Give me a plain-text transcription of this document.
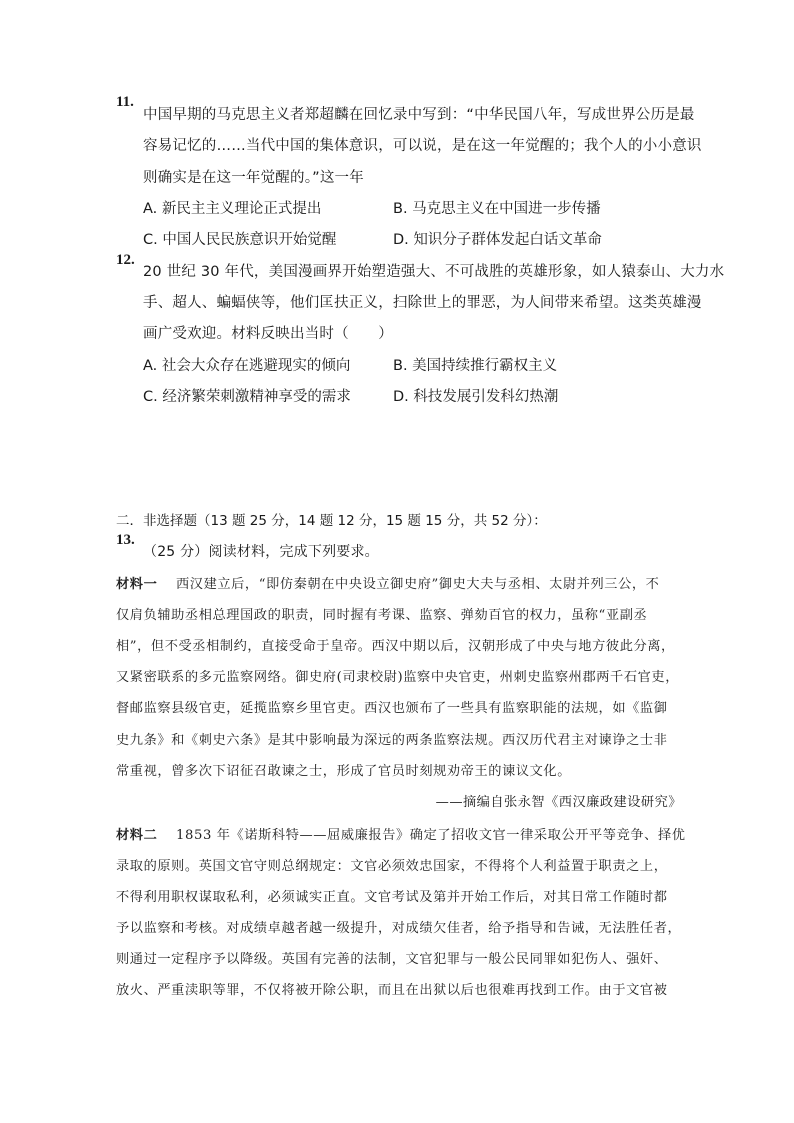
11.
中国早期的马克思主义者郑超麟在回忆录中写到：“中华民国八年，写成世界公历是最
容易记忆的……当代中国的集体意识，可以说，是在这一年觉醒的；我个人的小小意识
则确实是在这一年觉醒的。”这一年
A. 新民主主义理论正式提出	B. 马克思主义在中国进一步传播
C. 中国人民民族意识开始觉醒	D. 知识分子群体发起白话文革命
12.
20 世纪 30 年代，美国漫画界开始塑造强大、不可战胜的英雄形象，如人猿泰山、大力水
手、超人、蝙蝠侠等，他们匡扶正义，扫除世上的罪恶，为人间带来希望。这类英雄漫
画广受欢迎。材料反映出当时（　　）
A. 社会大众存在逃避现实的倾向	B. 美国持续推行霸权主义
C. 经济繁荣刺激精神享受的需求	D. 科技发展引发科幻热潮
二．非选择题（13 题 25 分，14 题 12 分，15 题 15 分，共 52 分）：
13.
（25 分）阅读材料，完成下列要求。
材料一 西汉建立后，“即仿秦朝在中央设立御史府”御史大夫与丞相、太尉并列三公，不
仅肩负辅助丞相总理国政的职责，同时握有考课、监察、弹劾百官的权力，虽称“亚副丞
相”，但不受丞相制约，直接受命于皇帝。西汉中期以后，汉朝形成了中央与地方彼此分离，
又紧密联系的多元监察网络。御史府(司隶校尉)监察中央官吏，州刺史监察州郡两千石官吏，
督邮监察县级官吏，延揽监察乡里官吏。西汉也颁布了一些具有监察职能的法规，如《监御
史九条》和《刺史六条》是其中影响最为深远的两条监察法规。西汉历代君主对谏诤之士非
常重视，曾多次下诏征召敢谏之士，形成了官员时刻规劝帝王的谏议文化。
——摘编自张永智《西汉廉政建设研究》
材料二 1853 年《诺斯科特——屈威廉报告》确定了招收文官一律采取公开平等竞争、择优
录取的原则。英国文官守则总纲规定：文官必须效忠国家，不得将个人利益置于职责之上，
不得利用职权谋取私利，必须诚实正直。文官考试及第并开始工作后，对其日常工作随时都
予以监察和考核。对成绩卓越者越一级提升，对成绩欠佳者，给予指导和告诫，无法胜任者，
则通过一定程序予以降级。英国有完善的法制，文官犯罪与一般公民同罪如犯伤人、强奸、
放火、严重渎职等罪，不仅将被开除公职，而且在出狱以后也很难再找到工作。由于文官被
